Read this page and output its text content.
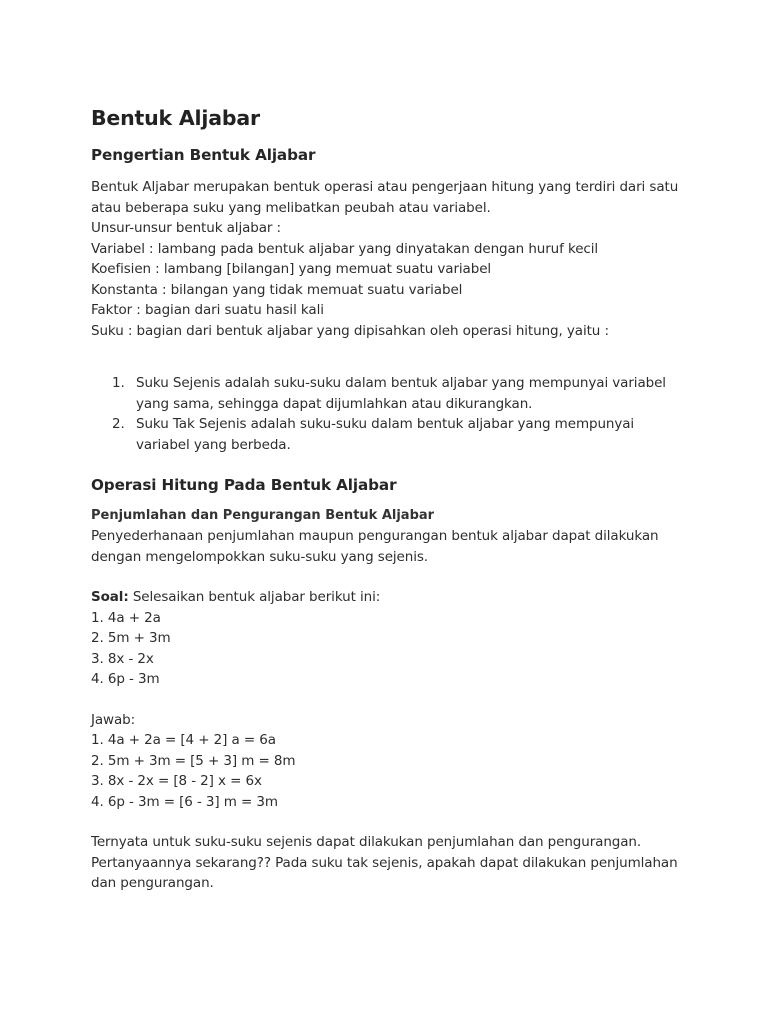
Bentuk Aljabar
Pengertian Bentuk Aljabar
Bentuk Aljabar merupakan bentuk operasi atau pengerjaan hitung yang terdiri dari satu
atau beberapa suku yang melibatkan peubah atau variabel.
Unsur-unsur bentuk aljabar :
Variabel : lambang pada bentuk aljabar yang dinyatakan dengan huruf kecil
Koefisien : lambang [bilangan] yang memuat suatu variabel
Konstanta : bilangan yang tidak memuat suatu variabel
Faktor : bagian dari suatu hasil kali
Suku : bagian dari bentuk aljabar yang dipisahkan oleh operasi hitung, yaitu :
1. Suku Sejenis adalah suku-suku dalam bentuk aljabar yang mempunyai variabel
yang sama, sehingga dapat dijumlahkan atau dikurangkan.
2. Suku Tak Sejenis adalah suku-suku dalam bentuk aljabar yang mempunyai
variabel yang berbeda.
Operasi Hitung Pada Bentuk Aljabar
Penjumlahan dan Pengurangan Bentuk Aljabar
Penyederhanaan penjumlahan maupun pengurangan bentuk aljabar dapat dilakukan
dengan mengelompokkan suku-suku yang sejenis.
Soal: Selesaikan bentuk aljabar berikut ini:
1. 4a + 2a
2. 5m + 3m
3. 8x - 2x
4. 6p - 3m
Jawab:
1. 4a + 2a = [4 + 2] a = 6a
2. 5m + 3m = [5 + 3] m = 8m
3. 8x - 2x = [8 - 2] x = 6x
4. 6p - 3m = [6 - 3] m = 3m
Ternyata untuk suku-suku sejenis dapat dilakukan penjumlahan dan pengurangan.
Pertanyaannya sekarang?? Pada suku tak sejenis, apakah dapat dilakukan penjumlahan
dan pengurangan.
